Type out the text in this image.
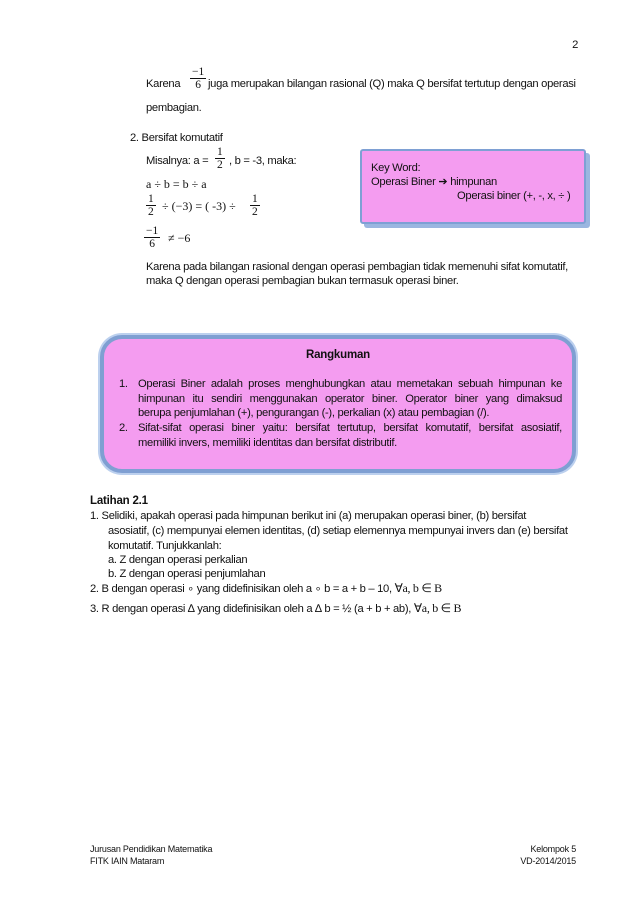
2
Karena $\frac{-1}{6}$ juga merupakan bilangan rasional (Q) maka Q bersifat tertutup dengan operasi
pembagian.
2. Bersifat komutatif
Misalnya: $a = \frac{1}{2}$ , b = -3, maka:
a ÷ b = b ÷ a
$\frac{1}{2} \div (-3)$ = ( $-3) \div \frac{1}{2}$
$\frac{-1}{6} \ne -6$
Karena pada bilangan rasional dengan operasi pembagian tidak memenuhi sifat komutatif,
maka Q dengan operasi pembagian bukan termasuk operasi biner.
Key Word:
Operasi Biner ➔ himpunan
Operasi biner (+, -, x, ÷ )
Rangkuman
1. Operasi Biner adalah proses menghubungkan atau memetakan sebuah himpunan ke
himpunan itu sendiri menggunakan operator biner. Operator biner yang dimaksud
berupa penjumlahan (+), pengurangan (-), perkalian (x) atau pembagian (/).
2. Sifat-sifat operasi biner yaitu: bersifat tertutup, bersifat komutatif, bersifat asosiatif,
memiliki invers, memiliki identitas dan bersifat distributif.
Latihan 2.1
1. Selidiki, apakah operasi pada himpunan berikut ini (a) merupakan operasi biner, (b) bersifat
asosiatif, (c) mempunyai elemen identitas, (d) setiap elemennya mempunyai invers dan (e) bersifat
komutatif. Tunjukkanlah:
a. Z dengan operasi perkalian
b. Z dengan operasi penjumlahan
2. B dengan operasi ∘ yang didefinisikan oleh a ∘ b = a + b – 10, ∀a, b ∈ B
3. R dengan operasi ∆ yang didefinisikan oleh a ∆ b = ½ (a + b + ab), ∀a, b ∈ B
Jurusan Pendidikan Matematika
FITK IAIN Mataram
Kelompok 5
VD-2014/2015
